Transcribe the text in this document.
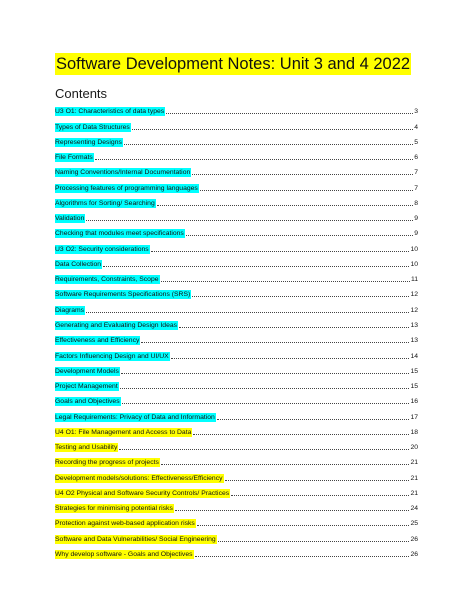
Software Development Notes: Unit 3 and 4 2022
Contents
U3 O1: Characteristics of data types	3
Types of Data Structures	4
Representing Designs	5
File Formats	6
Naming Conventions/Internal Documentation	7
Processing features of programming languages	7
Algorithms for Sorting/ Searching	8
Validation	9
Checking that modules meet specifications	9
U3 O2: Security considerations	10
Data Collection	10
Requirements, Constraints, Scope	11
Software Requirements Specifications (SRS)	12
Diagrams	12
Generating and Evaluating Design Ideas	13
Effectiveness and Efficiency	13
Factors Influencing Design and UI/UX	14
Development Models	15
Project Management	15
Goals and Objectives	16
Legal Requirements: Privacy of Data and Information	17
U4 O1: File Management and Access to Data	18
Testing and Usability	20
Recording the progress of projects	21
Development models/solutions: Effectiveness/Efficiency	21
U4 O2 Physical and Software Security Controls/ Practices	21
Strategies for minimising potential risks	24
Protection against web-based application risks	25
Software and Data Vulnerabilities/ Social Engineering	26
Why develop software - Goals and Objectives	26
